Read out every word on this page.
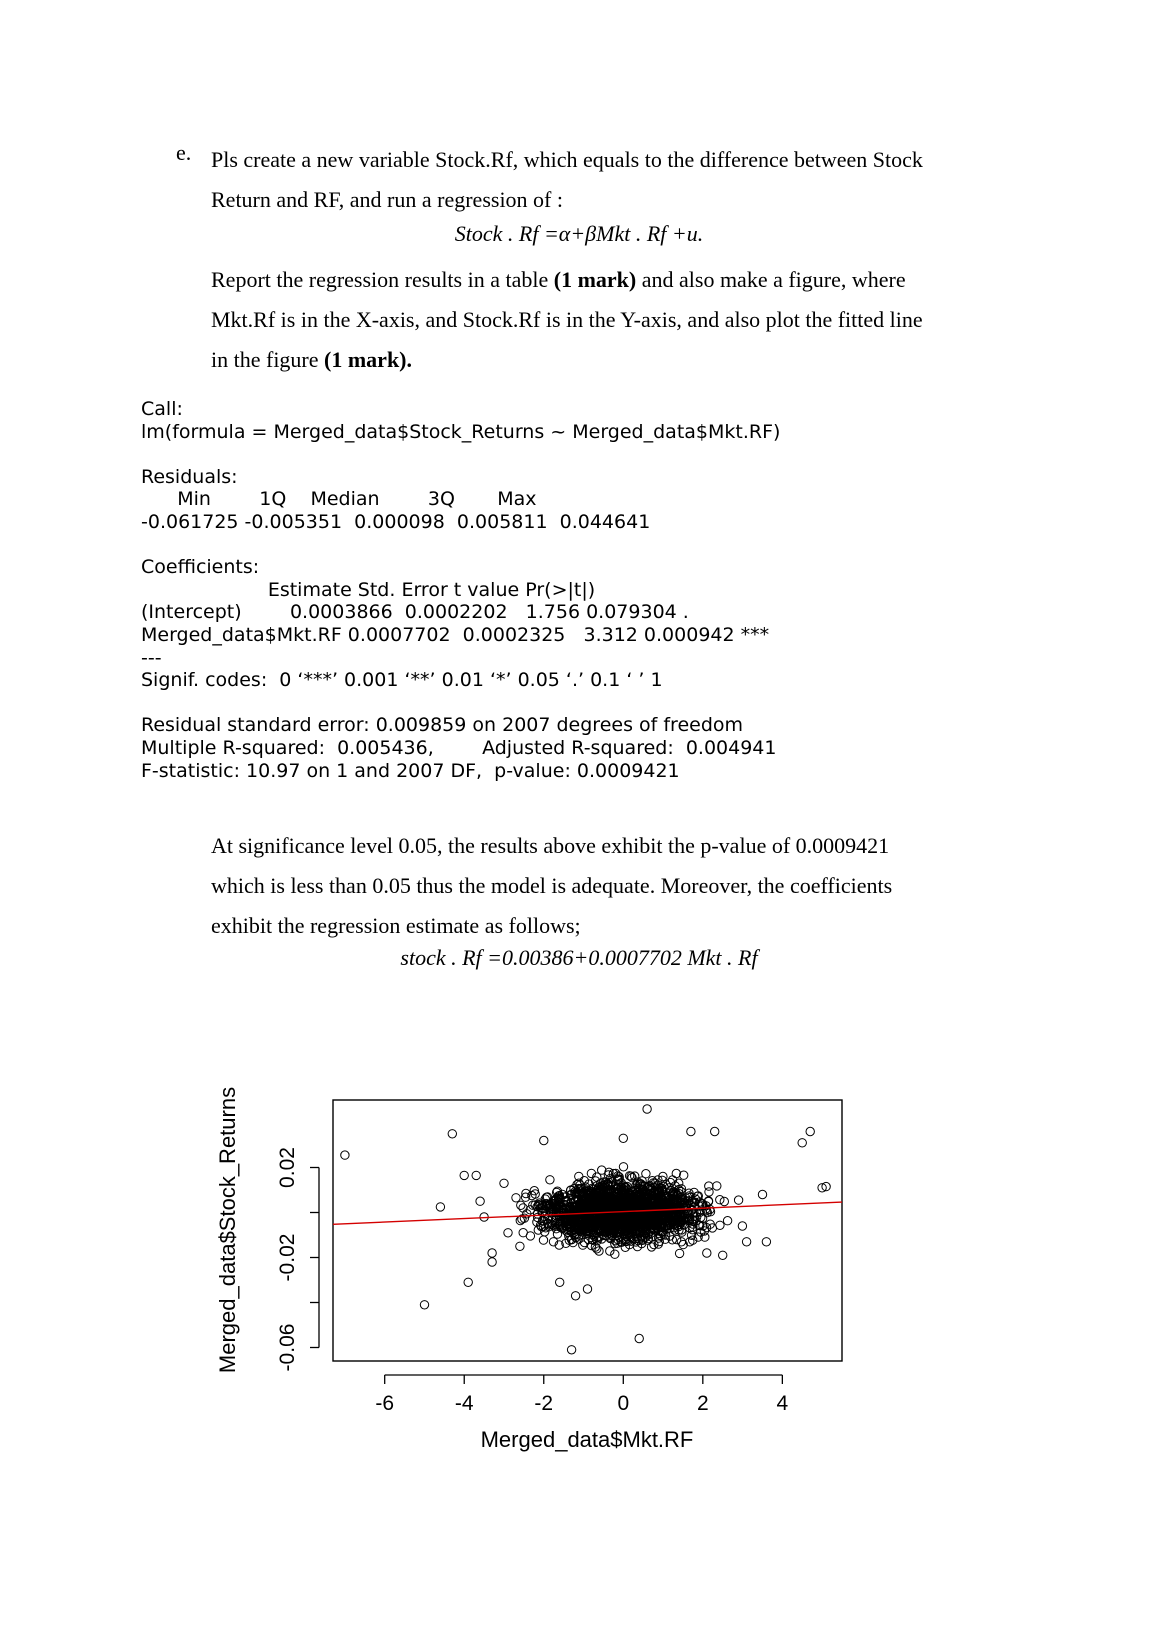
e. Pls create a new variable Stock.Rf, which equals to the difference between Stock
Return and RF, and run a regression of :
Report the regression results in a table (1 mark) and also make a figure, where
Mkt.Rf is in the X-axis, and Stock.Rf is in the Y-axis, and also plot the fitted line
in the figure (1 mark).
Stock . Rf =α+βMkt . Rf +u.
Call:
lm(formula = Merged_data$Stock_Returns ~ Merged_data$Mkt.RF)
Residuals:
Min        1Q    Median        3Q       Max
-0.061725 -0.005351  0.000098  0.005811  0.044641
Coefficients:
Estimate Std. Error t value Pr(>|t|)
(Intercept)        0.0003866  0.0002202   1.756 0.079304 .
Merged_data$Mkt.RF 0.0007702  0.0002325   3.312 0.000942 ***
---
Signif. codes:  0 ‘***’ 0.001 ‘**’ 0.01 ‘*’ 0.05 ‘.’ 0.1 ‘ ’ 1
Residual standard error: 0.009859 on 2007 degrees of freedom
Multiple R-squared:  0.005436,        Adjusted R-squared:  0.004941
F-statistic: 10.97 on 1 and 2007 DF,  p-value: 0.0009421
At significance level 0.05, the results above exhibit the p-value of 0.0009421
which is less than 0.05 thus the model is adequate. Moreover, the coefficients
exhibit the regression estimate as follows;
stock . Rf =0.00386+0.0007702 Mkt . Rf
-6	-4	-2	0	2	4
-0.06
-0.02
0.02
Merged_data$Mkt.RF
Merged_data$Stock_Returns
